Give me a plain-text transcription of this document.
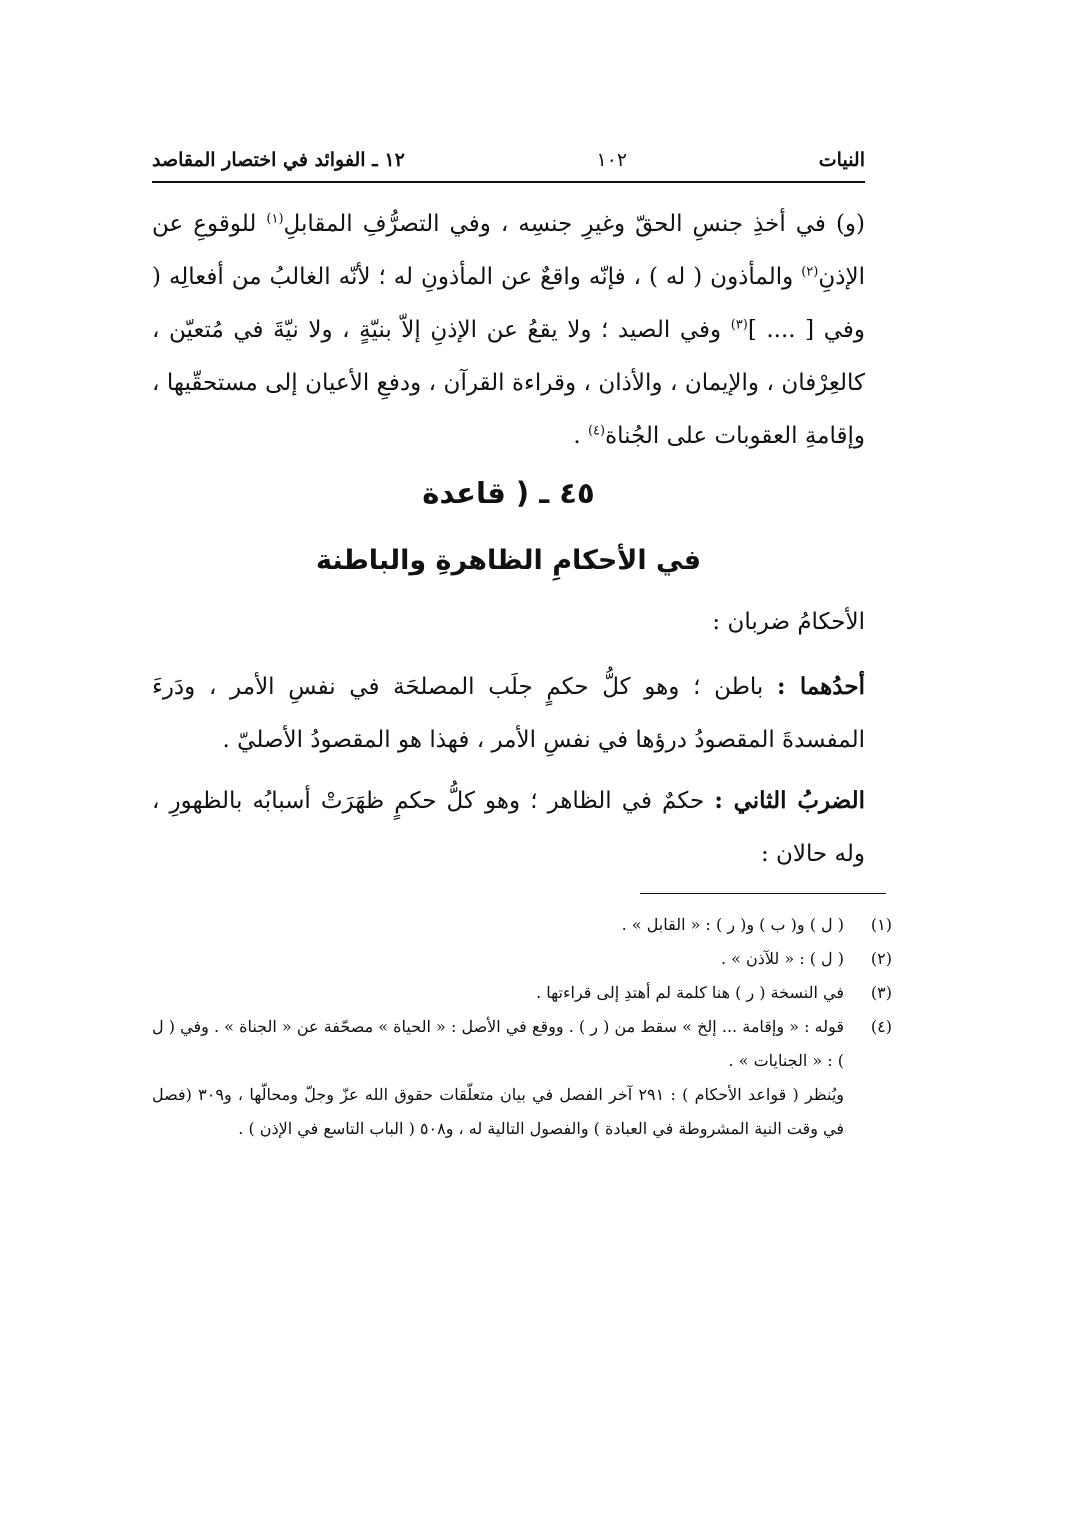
النيات
١٠٢
١٢ ـ الفوائد في اختصار المقاصد
(و) في أخذِ جنسِ الحقّ وغيرِ جنسِه ، وفي التصرُّفِ المقابلِ$^{(١)}$ للوقوعِ عن الإذنِ$^{(٢)}$ والمأذون ( له ) ، فإنّه واقعٌ عن المأذونِ له ؛ لأنّه الغالبُ من أفعالِه ( وفي [ .... ]$^{(٣)}$ وفي الصيد ؛ ولا يقعُ عن الإذنِ إلاّ بنيّةٍ ، ولا نيّةَ في مُتعيّن ، كالعِرْفان ، والإيمان ، والأذان ، وقراءة القرآن ، ودفعِ الأعيان إلى مستحقّيها ، وإقامةِ العقوبات على الجُناة$^{(٤)}$ .
٤٥ ـ ( قاعدة
في الأحكامِ الظاهرةِ والباطنة
الأحكامُ ضربان :
أحدُهما : باطن ؛ وهو كلُّ حكمٍ جلَب المصلحَة في نفسِ الأمر ، ودَرءَ المفسدةَ المقصودُ درؤها في نفسِ الأمر ، فهذا هو المقصودُ الأصليّ .
الضربُ الثاني : حكمٌ في الظاهر ؛ وهو كلُّ حكمٍ ظهَرَتْ أسبابُه بالظهورِ ، وله حالان :
(١)
( ل ) و( ب ) و( ر ) : « القابل » .
(٢)
( ل ) : « للآذن » .
(٣)
في النسخة ( ر ) هنا كلمة لم أهتدِ إلى قراءتها .
(٤)
قوله : « وإقامة ... إلخ » سقط من ( ر ) . ووقع في الأصل : « الحياة » مصحّفة عن « الجناة » . وفي ( ل ) : « الجنايات » .
ويُنظر ( قواعد الأحكام ) : ٢٩١ آخر الفصل في بيان متعلّقات حقوق الله عزّ وجلّ ومحالّها ، و٣٠٩ (فصل في وقت النية المشروطة في العبادة ) والفصول التالية له ، و٥٠٨ ( الباب التاسع في الإذن ) .
